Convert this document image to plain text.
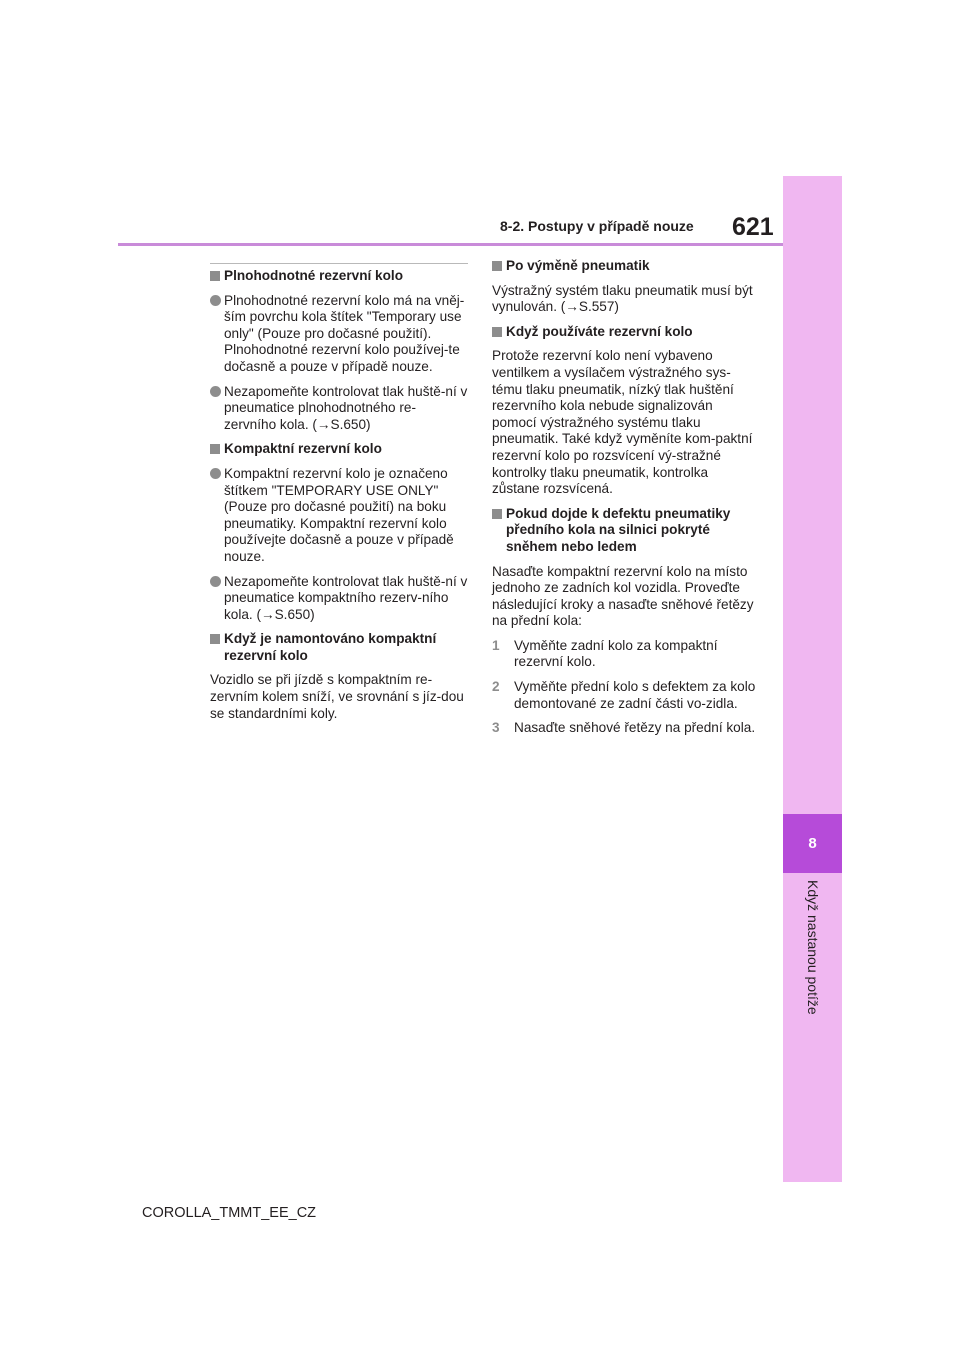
8
Když nastanou potíže
8-2. Postupy v případě nouze 621
Plnohodnotné rezervní kolo
Plnohodnotné rezervní kolo má na vněj-ším povrchu kola štítek "Temporary use only" (Pouze pro dočasné použití). Plnohodnotné rezervní kolo používej-te dočasně a pouze v případě nouze.
Nezapomeňte kontrolovat tlak huště-ní v pneumatice plnohodnotného re-zervního kola. (→S.650)
Kompaktní rezervní kolo
Kompaktní rezervní kolo je označeno štítkem "TEMPORARY USE ONLY" (Pouze pro dočasné použití) na boku pneumatiky. Kompaktní rezervní kolo používejte dočasně a pouze v případě nouze.
Nezapomeňte kontrolovat tlak huště-ní v pneumatice kompaktního rezerv-ního kola. (→S.650)
Když je namontováno kompaktní rezervní kolo
Vozidlo se při jízdě s kompaktním re-zervním kolem sníží, ve srovnání s jíz-dou se standardními koly.
Po výměně pneumatik
Výstražný systém tlaku pneumatik musí být vynulován. (→S.557)
Když používáte rezervní kolo
Protože rezervní kolo není vybaveno ventilkem a vysílačem výstražného sys-tému tlaku pneumatik, nízký tlak huštění rezervního kola nebude signalizován pomocí výstražného systému tlaku pneumatik. Také když vyměníte kom-paktní rezervní kolo po rozsvícení vý-stražné kontrolky tlaku pneumatik, kontrolka zůstane rozsvícená.
Pokud dojde k defektu pneumatiky předního kola na silnici pokryté sněhem nebo ledem
Nasaďte kompaktní rezervní kolo na místo jednoho ze zadních kol vozidla. Proveďte následující kroky a nasaďte sněhové řetězy na přední kola:
1	Vyměňte zadní kolo za kompaktní rezervní kolo.
2	Vyměňte přední kolo s defektem za kolo demontované ze zadní části vo-zidla.
3	Nasaďte sněhové řetězy na přední kola.
COROLLA_TMMT_EE_CZ
